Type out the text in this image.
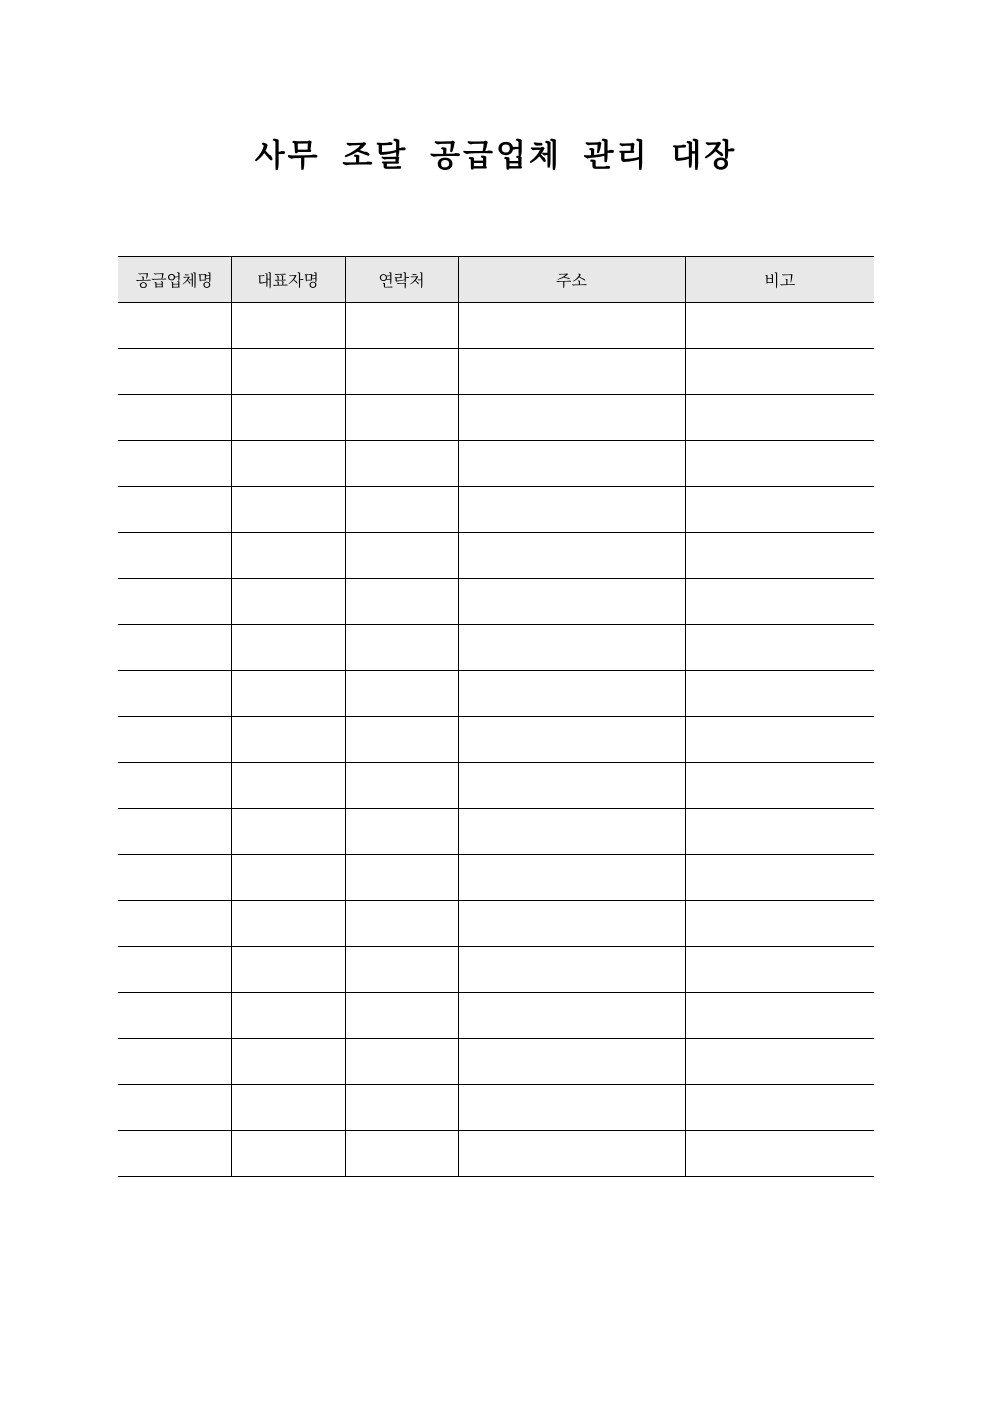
사무 조달 공급업체 관리 대장
공급업체명	대표자명	연락처	주소	비고
